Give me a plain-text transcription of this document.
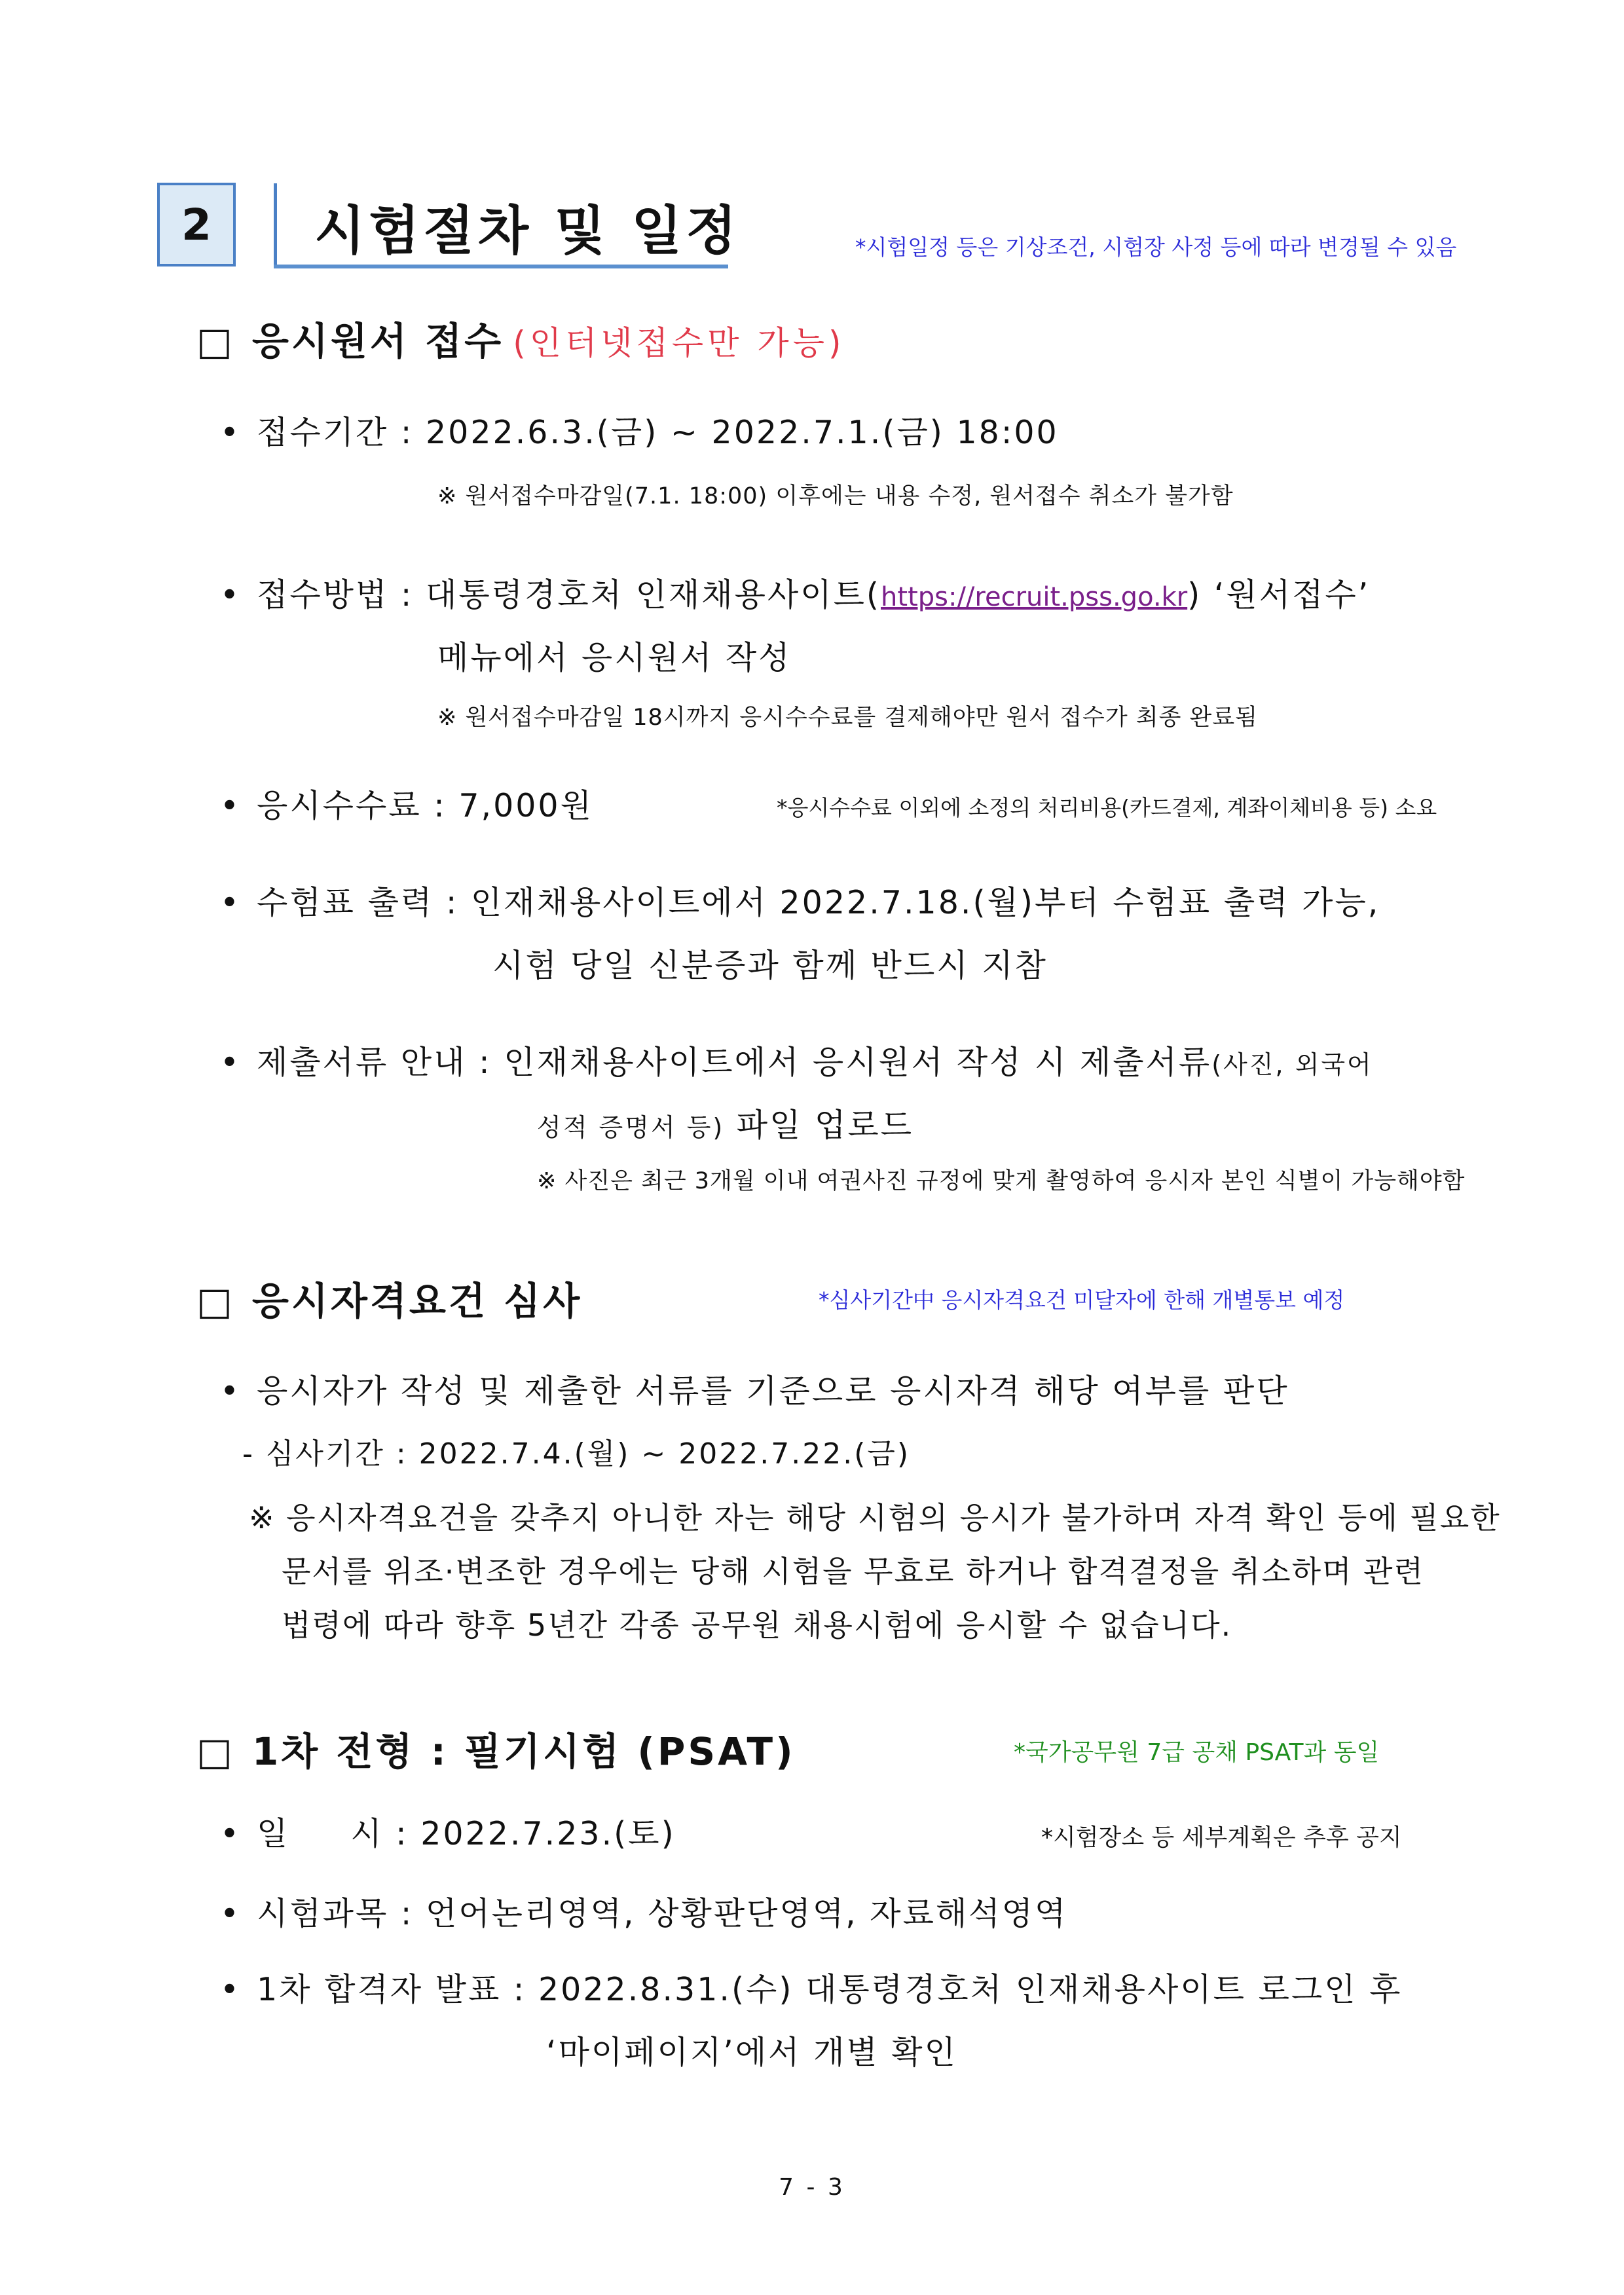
2 시험절차 및 일정	*시험일정 등은 기상조건, 시험장 사정 등에 따라 변경될 수 있음
□ 응시원서 접수 (인터넷접수만 가능)
• 접수기간 : 2022.6.3.(금) ~ 2022.7.1.(금) 18:00
※ 원서접수마감일(7.1. 18:00) 이후에는 내용 수정, 원서접수 취소가 불가함
• 접수방법 : 대통령경호처 인재채용사이트(https://recruit.pss.go.kr) ‘원서접수’
메뉴에서 응시원서 작성
※ 원서접수마감일 18시까지 응시수수료를 결제해야만 원서 접수가 최종 완료됨
• 응시수수료 : 7,000원	*응시수수료 이외에 소정의 처리비용(카드결제, 계좌이체비용 등) 소요
• 수험표 출력 : 인재채용사이트에서 2022.7.18.(월)부터 수험표 출력 가능,
시험 당일 신분증과 함께 반드시 지참
• 제출서류 안내 : 인재채용사이트에서 응시원서 작성 시 제출서류(사진, 외국어
성적 증명서 등) 파일 업로드
※ 사진은 최근 3개월 이내 여권사진 규정에 맞게 촬영하여 응시자 본인 식별이 가능해야함
□ 응시자격요건 심사	*심사기간中 응시자격요건 미달자에 한해 개별통보 예정
• 응시자가 작성 및 제출한 서류를 기준으로 응시자격 해당 여부를 판단
- 심사기간 : 2022.7.4.(월) ~ 2022.7.22.(금)
※ 응시자격요건을 갖추지 아니한 자는 해당 시험의 응시가 불가하며 자격 확인 등에 필요한
문서를 위조·변조한 경우에는 당해 시험을 무효로 하거나 합격결정을 취소하며 관련
법령에 따라 향후 5년간 각종 공무원 채용시험에 응시할 수 없습니다.
□ 1차 전형 : 필기시험 (PSAT)	*국가공무원 7급 공채 PSAT과 동일
• 일     시 : 2022.7.23.(토)	*시험장소 등 세부계획은 추후 공지
• 시험과목 : 언어논리영역, 상황판단영역, 자료해석영역
• 1차 합격자 발표 : 2022.8.31.(수) 대통령경호처 인재채용사이트 로그인 후
‘마이페이지’에서 개별 확인
7 - 3
